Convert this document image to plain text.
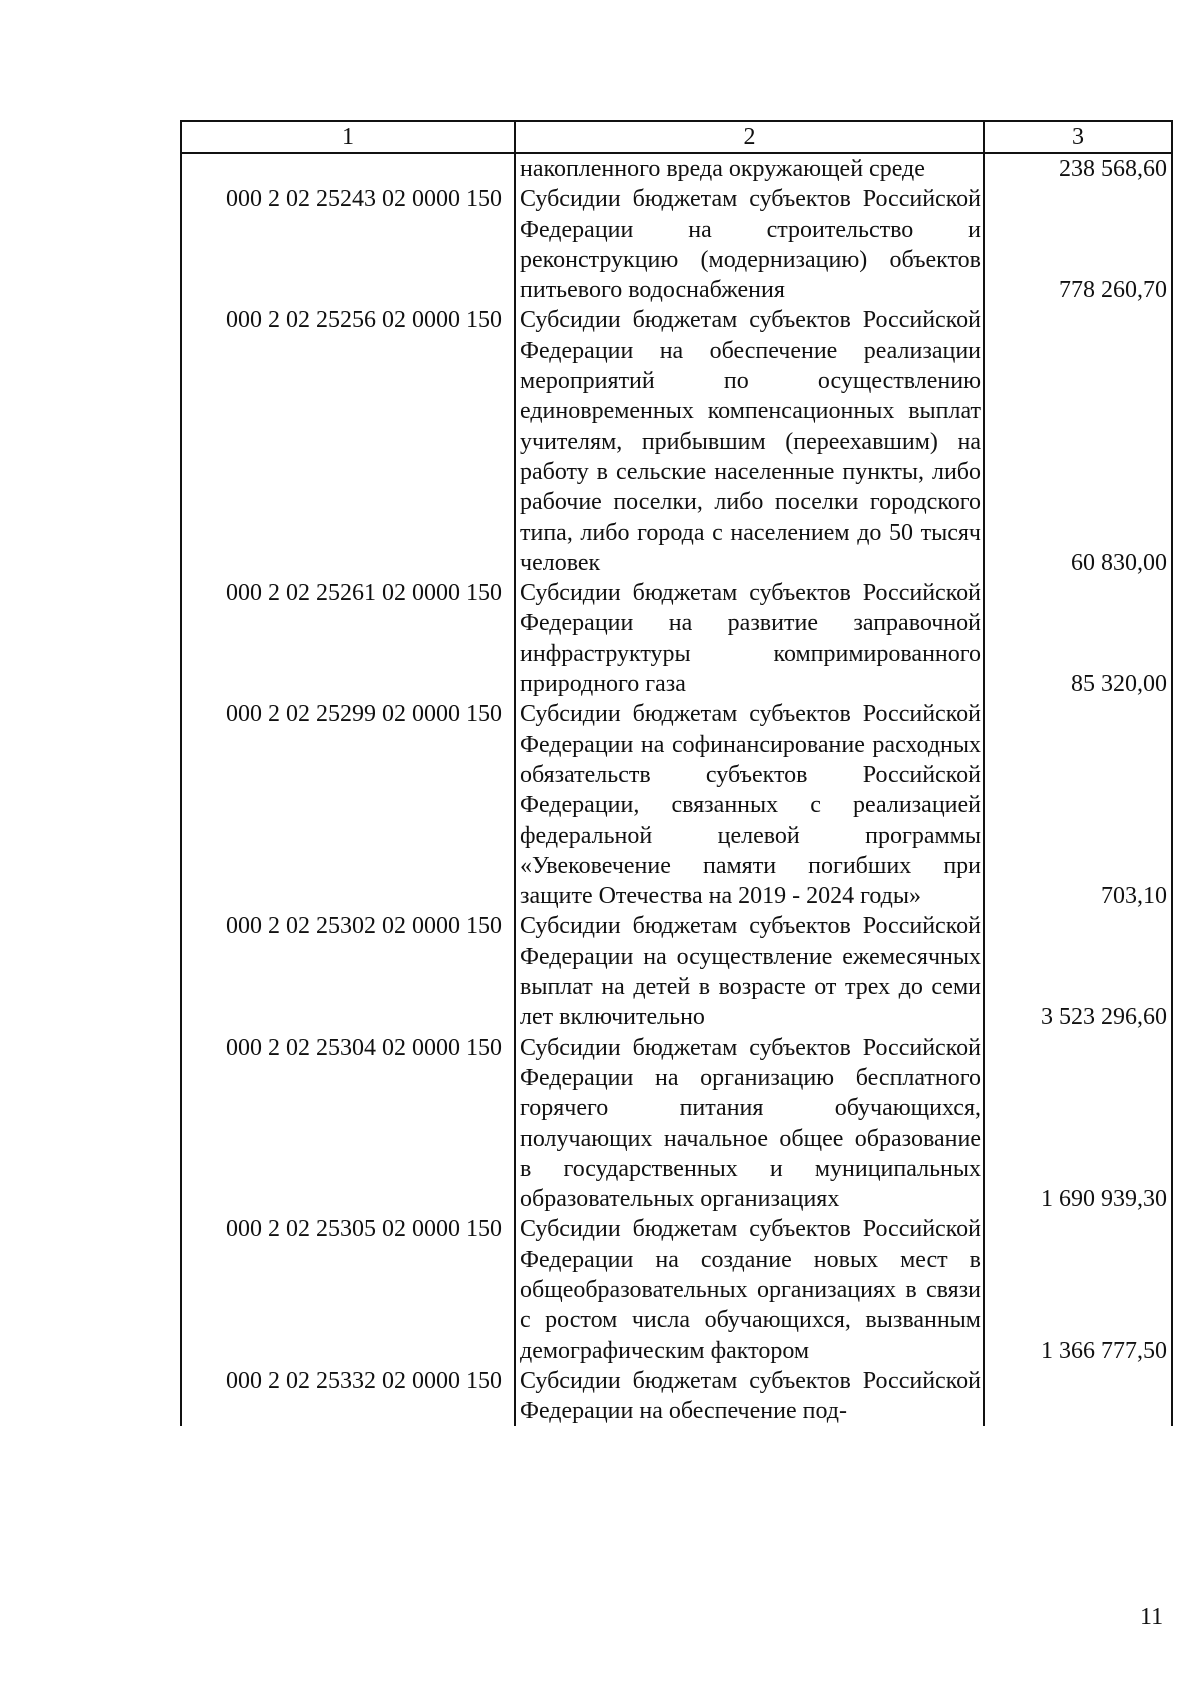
1	2	3
	накопленного вреда окружающей среде	238 568,60
000 2 02 25243 02 0000 150	Субсидии бюджетам субъектов Российской Федерации на строительство и реконструкцию (модернизацию) объектов питьевого водоснабжения	778 260,70
000 2 02 25256 02 0000 150	Субсидии бюджетам субъектов Российской Федерации на обеспечение реализации мероприятий по осуществлению единовременных компенсационных выплат учителям, прибывшим (переехавшим) на работу в сельские населенные пункты, либо рабочие поселки, либо поселки городского типа, либо города с населением до 50 тысяч человек	60 830,00
000 2 02 25261 02 0000 150	Субсидии бюджетам субъектов Российской Федерации на развитие заправочной инфраструктуры компримированного природного газа	85 320,00
000 2 02 25299 02 0000 150	Субсидии бюджетам субъектов Российской Федерации на софинансирование расходных обязательств субъектов Российской Федерации, связанных с реализацией федеральной целевой программы «Увековечение памяти погибших при защите Отечества на 2019 - 2024 годы»	703,10
000 2 02 25302 02 0000 150	Субсидии бюджетам субъектов Российской Федерации на осуществление ежемесячных выплат на детей в возрасте от трех до семи лет включительно	3 523 296,60
000 2 02 25304 02 0000 150	Субсидии бюджетам субъектов Российской Федерации на организацию бесплатного горячего питания обучающихся, получающих начальное общее образование в государственных и муниципальных образовательных организациях	1 690 939,30
000 2 02 25305 02 0000 150	Субсидии бюджетам субъектов Российской Федерации на создание новых мест в общеобразовательных организациях в связи с ростом числа обучающихся, вызванным демографическим фактором	1 366 777,50
000 2 02 25332 02 0000 150	Субсидии бюджетам субъектов Российской Федерации на обеспечение под-	
11
